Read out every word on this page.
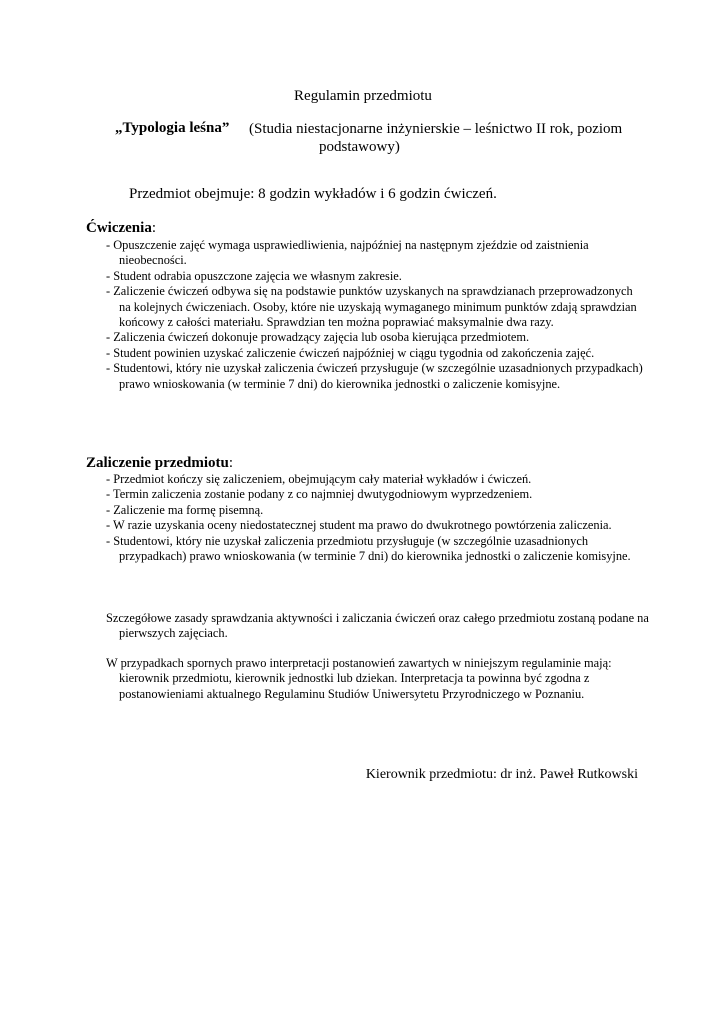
Regulamin przedmiotu
„Typologia leśna” (Studia niestacjonarne inżynierskie – leśnictwo II rok, poziom
podstawowy)
Przedmiot obejmuje: 8 godzin wykładów i 6 godzin ćwiczeń.
Ćwiczenia:
- Opuszczenie zajęć wymaga usprawiedliwienia, najpóźniej na następnym zjeździe od zaistnienia nieobecności.
- Student odrabia opuszczone zajęcia we własnym zakresie.
- Zaliczenie ćwiczeń odbywa się na podstawie punktów uzyskanych na sprawdzianach przeprowadzonych na kolejnych ćwiczeniach. Osoby, które nie uzyskają wymaganego minimum punktów zdają sprawdzian końcowy z całości materiału. Sprawdzian ten można poprawiać maksymalnie dwa razy.
- Zaliczenia ćwiczeń dokonuje prowadzący zajęcia lub osoba kierująca przedmiotem.
- Student powinien uzyskać zaliczenie ćwiczeń najpóźniej w ciągu tygodnia od zakończenia zajęć.
- Studentowi, który nie uzyskał zaliczenia ćwiczeń przysługuje (w szczególnie uzasadnionych przypadkach) prawo wnioskowania (w terminie 7 dni) do kierownika jednostki o zaliczenie komisyjne.
Zaliczenie przedmiotu:
- Przedmiot kończy się zaliczeniem, obejmującym cały materiał wykładów i ćwiczeń.
- Termin zaliczenia zostanie podany z co najmniej dwutygodniowym wyprzedzeniem.
- Zaliczenie ma formę pisemną.
- W razie uzyskania oceny niedostatecznej student ma prawo do dwukrotnego powtórzenia zaliczenia.
- Studentowi, który nie uzyskał zaliczenia przedmiotu przysługuje (w szczególnie uzasadnionych przypadkach) prawo wnioskowania (w terminie 7 dni) do kierownika jednostki o zaliczenie komisyjne.
Szczegółowe zasady sprawdzania aktywności i zaliczania ćwiczeń oraz całego przedmiotu zostaną podane na pierwszych zajęciach.
W przypadkach spornych prawo interpretacji postanowień zawartych w niniejszym regulaminie mają: kierownik przedmiotu, kierownik jednostki lub dziekan. Interpretacja ta powinna być zgodna z postanowieniami aktualnego Regulaminu Studiów Uniwersytetu Przyrodniczego w Poznaniu.
Kierownik przedmiotu: dr inż. Paweł Rutkowski
